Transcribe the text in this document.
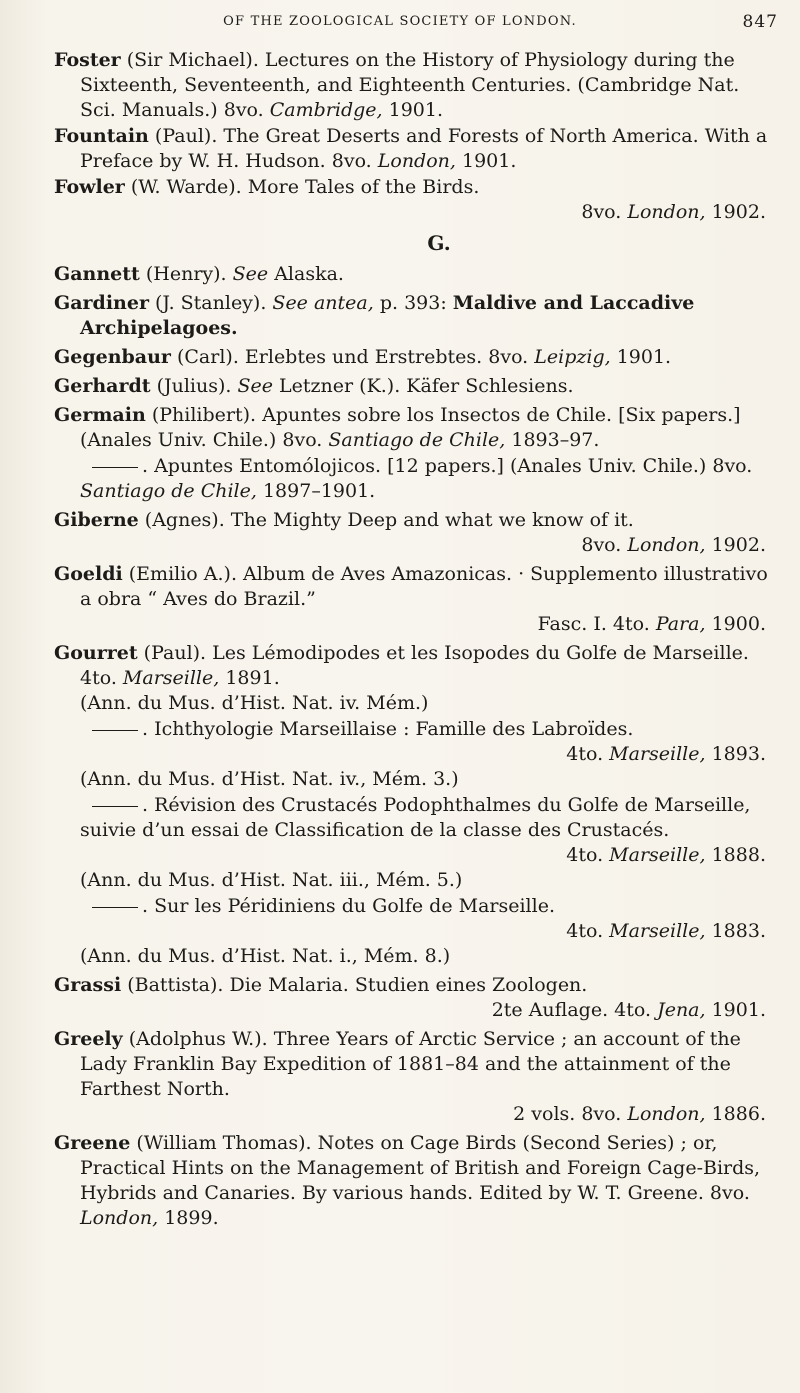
OF THE ZOOLOGICAL SOCIETY OF LONDON.	847
Foster (Sir Michael). Lectures on the History of Physiology during the Sixteenth, Seventeenth, and Eighteenth Centuries. (Cambridge Nat. Sci. Manuals.) 8vo. Cambridge, 1901.
Fountain (Paul). The Great Deserts and Forests of North America. With a Preface by W. H. Hudson. 8vo. London, 1901.
Fowler (W. Warde). More Tales of the Birds.
8vo. London, 1902.
G.
Gannett (Henry). See Alaska.
Gardiner (J. Stanley). See antea, p. 393: Maldive and Laccadive Archipelagoes.
Gegenbaur (Carl). Erlebtes und Erstrebtes. 8vo. Leipzig, 1901.
Gerhardt (Julius). See Letzner (K.). Käfer Schlesiens.
Germain (Philibert). Apuntes sobre los Insectos de Chile. [Six papers.] (Anales Univ. Chile.) 8vo. Santiago de Chile, 1893–97.
. Apuntes Entomólojicos. [12 papers.] (Anales Univ. Chile.) 8vo. Santiago de Chile, 1897–1901.
Giberne (Agnes). The Mighty Deep and what we know of it.
8vo. London, 1902.
Goeldi (Emilio A.). Album de Aves Amazonicas. · Supplemento illustrativo a obra “ Aves do Brazil.”
Fasc. I. 4to. Para, 1900.
Gourret (Paul). Les Lémodipodes et les Isopodes du Golfe de Marseille. 4to. Marseille, 1891.
(Ann. du Mus. d’Hist. Nat. iv. Mém.)
. Ichthyologie Marseillaise : Famille des Labroïdes.
4to. Marseille, 1893.
(Ann. du Mus. d’Hist. Nat. iv., Mém. 3.)
. Révision des Crustacés Podophthalmes du Golfe de Marseille, suivie d’un essai de Classification de la classe des Crustacés.
4to. Marseille, 1888.
(Ann. du Mus. d’Hist. Nat. iii., Mém. 5.)
. Sur les Péridiniens du Golfe de Marseille.
4to. Marseille, 1883.
(Ann. du Mus. d’Hist. Nat. i., Mém. 8.)
Grassi (Battista). Die Malaria. Studien eines Zoologen.
2te Auflage. 4to. Jena, 1901.
Greely (Adolphus W.). Three Years of Arctic Service ; an account of the Lady Franklin Bay Expedition of 1881–84 and the attainment of the Farthest North.
2 vols. 8vo. London, 1886.
Greene (William Thomas). Notes on Cage Birds (Second Series) ; or, Practical Hints on the Management of British and Foreign Cage-Birds, Hybrids and Canaries. By various hands. Edited by W. T. Greene. 8vo. London, 1899.
